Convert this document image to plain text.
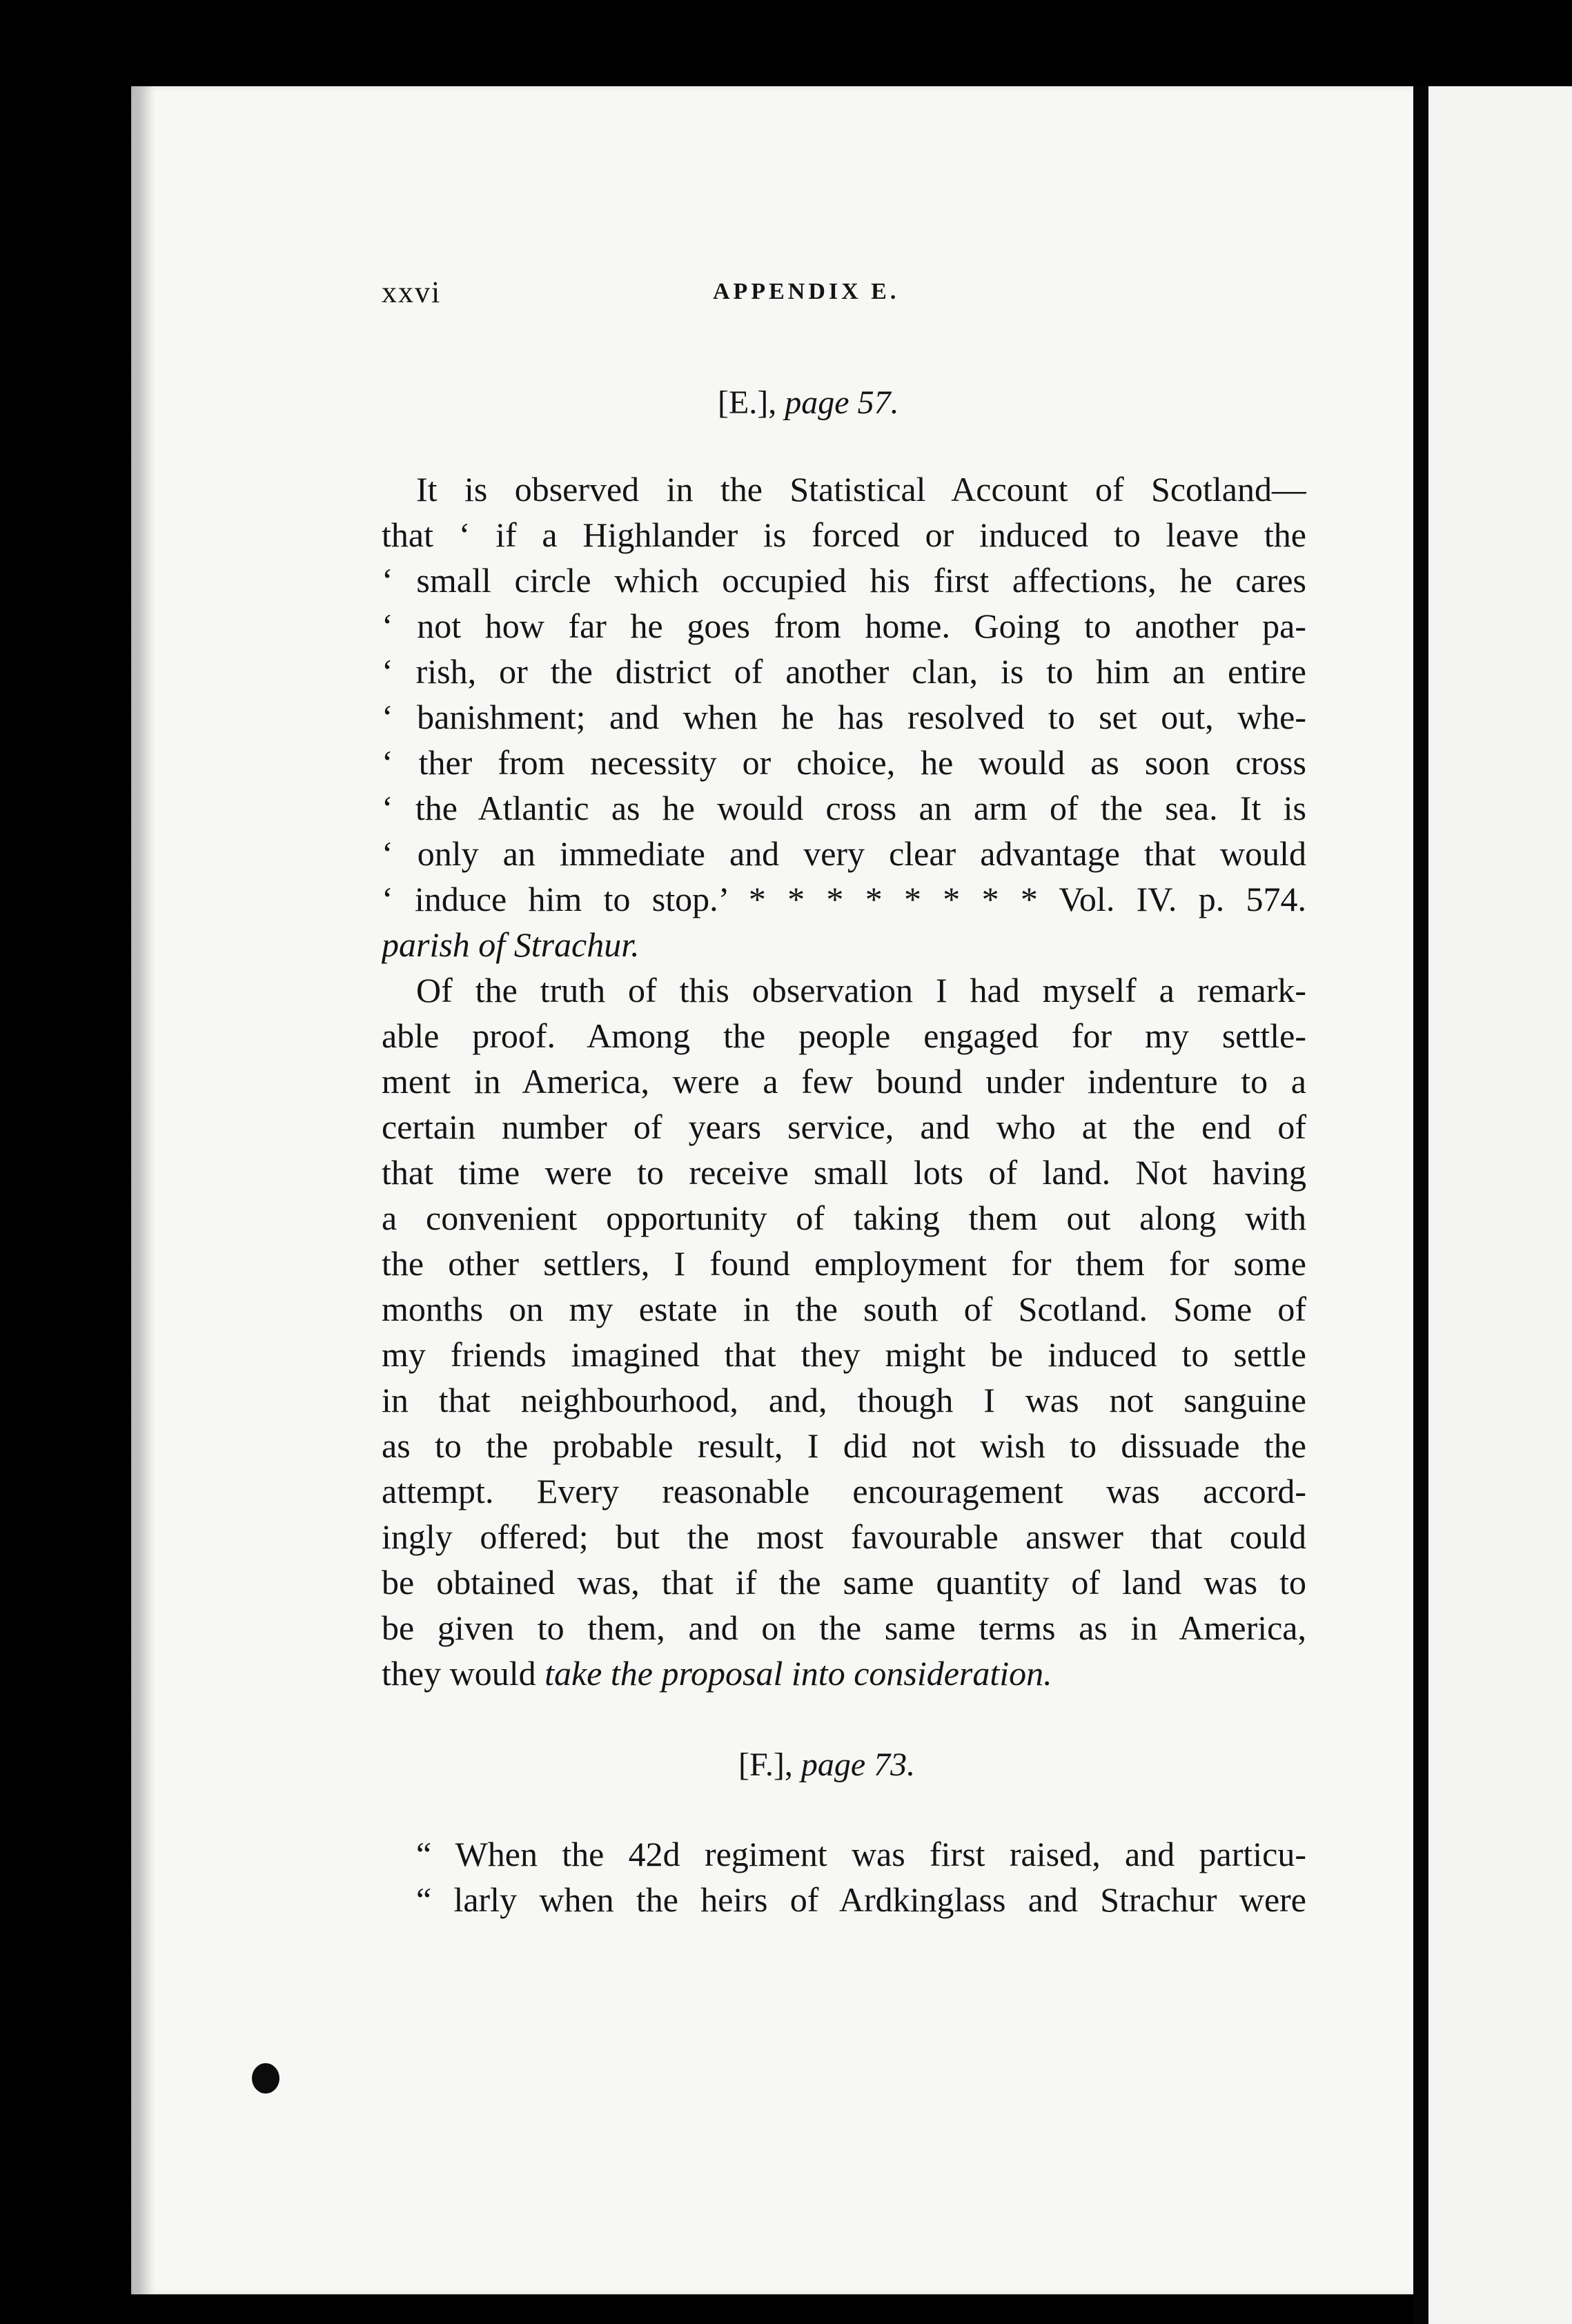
xxvi	APPENDIX E.
[E.], page 57.
It is observed in the Statistical Account of Scotland—
that ‘ if a Highlander is forced or induced to leave the
‘ small circle which occupied his first affections, he cares
‘ not how far he goes from home. Going to another pa-
‘ rish, or the district of another clan, is to him an entire
‘ banishment; and when he has resolved to set out, whe-
‘ ther from necessity or choice, he would as soon cross
‘ the Atlantic as he would cross an arm of the sea. It is
‘ only an immediate and very clear advantage that would
‘ induce him to stop.’ * * * * * * * * Vol. IV. p. 574.
parish of Strachur.
Of the truth of this observation I had myself a remark-
able proof. Among the people engaged for my settle-
ment in America, were a few bound under indenture to a
certain number of years service, and who at the end of
that time were to receive small lots of land. Not having
a convenient opportunity of taking them out along with
the other settlers, I found employment for them for some
months on my estate in the south of Scotland. Some of
my friends imagined that they might be induced to settle
in that neighbourhood, and, though I was not sanguine
as to the probable result, I did not wish to dissuade the
attempt. Every reasonable encouragement was accord-
ingly offered; but the most favourable answer that could
be obtained was, that if the same quantity of land was to
be given to them, and on the same terms as in America,
they would take the proposal into consideration.
[F.], page 73.
“ When the 42d regiment was first raised, and particu-
“ larly when the heirs of Ardkinglass and Strachur were
